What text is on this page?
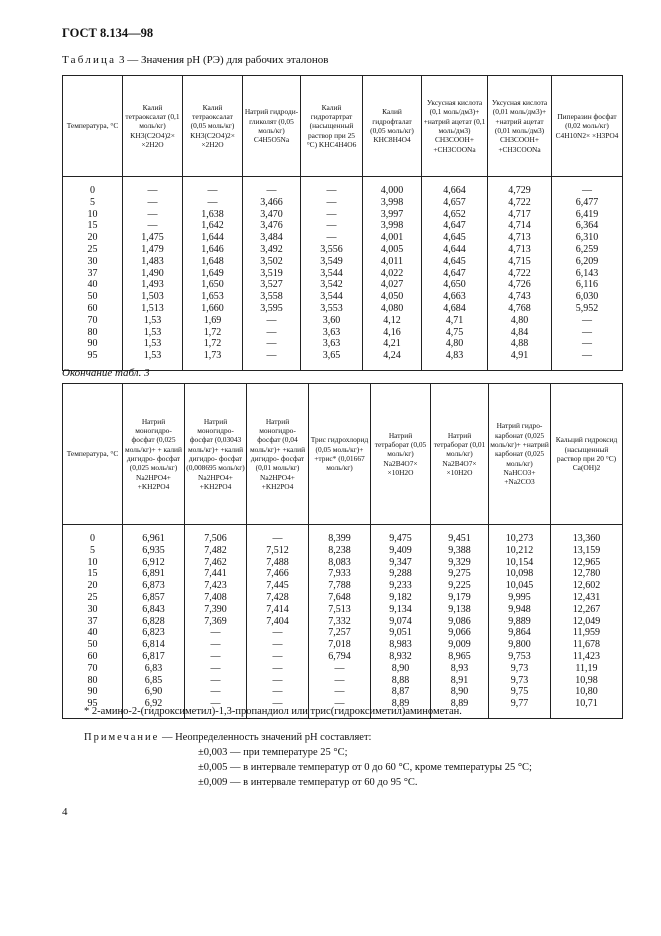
ГОСТ 8.134—98
Таблица 3 — Значения рН (РЭ) для рабочих эталонов
Температура, °С	Калий тетраоксалат (0,1 моль/кг) KH3(C2O4)2× ×2H2O	Калий тетраоксалат (0,05 моль/кг) KH3(C2O4)2× ×2H2O	Натрий гидроди- гликолят (0,05 моль/кг) C4H5O5Na	Калий гидротартрат (насыщенный раствор при 25 °С) KHC4H4O6	Калий гидрофталат (0,05 моль/кг) KHC8H4O4	Уксусная кислота (0,1 моль/дм3)+ +натрий ацетат (0,1 моль/дм3) CH3COOH+ +CH3COONa	Уксусная кислота (0,01 моль/дм3)+ +натрий ацетат (0,01 моль/дм3) CH3COOH+ +CH3COONa	Пиперазин фосфат (0,02 моль/кг) C4H10N2× ×H3PO4

0	—	—	—	—	4,000	4,664	4,729	—
5	—	—	3,466	—	3,998	4,657	4,722	6,477
10	—	1,638	3,470	—	3,997	4,652	4,717	6,419
15	—	1,642	3,476	—	3,998	4,647	4,714	6,364
20	1,475	1,644	3,484	—	4,001	4,645	4,713	6,310
25	1,479	1,646	3,492	3,556	4,005	4,644	4,713	6,259
30	1,483	1,648	3,502	3,549	4,011	4,645	4,715	6,209
37	1,490	1,649	3,519	3,544	4,022	4,647	4,722	6,143
40	1,493	1,650	3,527	3,542	4,027	4,650	4,726	6,116
50	1,503	1,653	3,558	3,544	4,050	4,663	4,743	6,030
60	1,513	1,660	3,595	3,553	4,080	4,684	4,768	5,952
70	1,53	1,69	—	3,60	4,12	4,71	4,80	—
80	1,53	1,72	—	3,63	4,16	4,75	4,84	—
90	1,53	1,72	—	3,63	4,21	4,80	4,88	—
95	1,53	1,73	—	3,65	4,24	4,83	4,91	—

Окончание табл. 3
Температура, °С	Натрий моногидро- фосфат (0,025 моль/кг)+ + калий дигидро- фосфат (0,025 моль/кг) Na2HPO4+ +KH2PO4	Натрий моногидро- фосфат (0,03043 моль/кг)+ +калий дигидро- фосфат (0,008695 моль/кг) Na2HPO4+ +KH2PO4	Натрий моногидро- фосфат (0,04 моль/кг)+ +калий дигидро- фосфат (0,01 моль/кг) Na2HPO4+ +KH2PO4	Трис гидрохлорид (0,05 моль/кг)+ +трис* (0,01667 моль/кг)	Натрий тетраборат (0,05 моль/кг) Na2B4O7× ×10H2O	Натрий тетраборат (0,01 моль/кг) Na2B4O7× ×10H2O	Натрий гидро- карбонат (0,025 моль/кг)+ +натрий карбонат (0,025 моль/кг) NaHCO3+ +Na2CO3	Кальций гидроксид (насыщенный раствор при 20 °С) Ca(OH)2

0	6,961	7,506	—	8,399	9,475	9,451	10,273	13,360
5	6,935	7,482	7,512	8,238	9,409	9,388	10,212	13,159
10	6,912	7,462	7,488	8,083	9,347	9,329	10,154	12,965
15	6,891	7,441	7,466	7,933	9,288	9,275	10,098	12,780
20	6,873	7,423	7,445	7,788	9,233	9,225	10,045	12,602
25	6,857	7,408	7,428	7,648	9,182	9,179	9,995	12,431
30	6,843	7,390	7,414	7,513	9,134	9,138	9,948	12,267
37	6,828	7,369	7,404	7,332	9,074	9,086	9,889	12,049
40	6,823	—	—	7,257	9,051	9,066	9,864	11,959
50	6,814	—	—	7,018	8,983	9,009	9,800	11,678
60	6,817	—	—	6,794	8,932	8,965	9,753	11,423
70	6,83	—	—	—	8,90	8,93	9,73	11,19
80	6,85	—	—	—	8,88	8,91	9,73	10,98
90	6,90	—	—	—	8,87	8,90	9,75	10,80
95	6,92	—	—	—	8,89	8,89	9,77	10,71

* 2-амино-2-(гидроксиметил)-1,3-пропандиол или трис(гидроксиметил)аминометан.
Примечание — Неопределенность значений рН составляет:
±0,003 — при температуре 25 °С;
±0,005 — в интервале температур от 0 до 60 °С, кроме температуры 25 °С;
±0,009 — в интервале температур от 60 до 95 °С.
4
